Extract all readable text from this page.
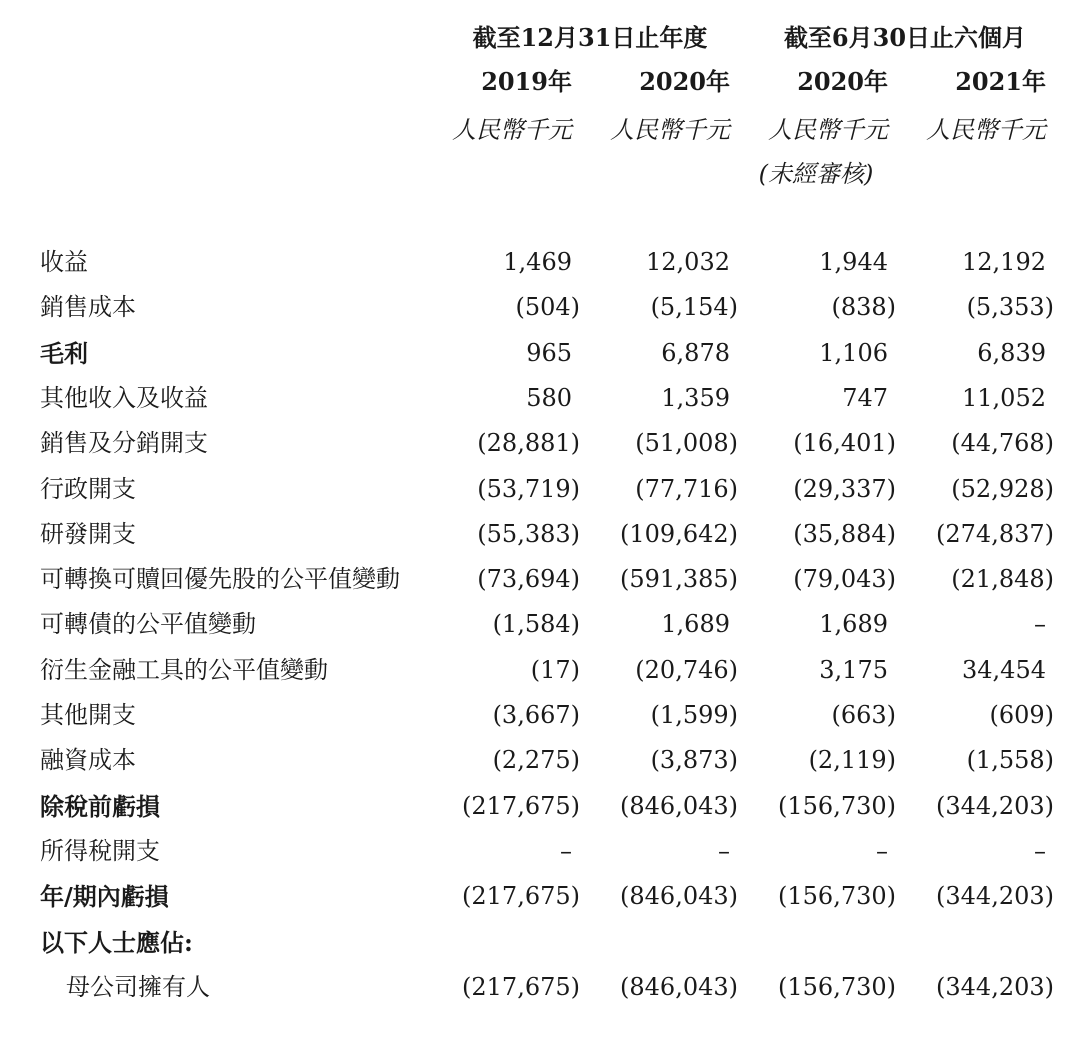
截至12月31日止年度	截至6月30日止六個月
2019年	2020年	2020年	2021年
人民幣千元	人民幣千元	人民幣千元	人民幣千元
(未經審核)
收益	1,469	12,032	1,944	12,192
銷售成本	(504)	(5,154)	(838)	(5,353)
毛利	965	6,878	1,106	6,839
其他收入及收益	580	1,359	747	11,052
銷售及分銷開支	(28,881)	(51,008)	(16,401)	(44,768)
行政開支	(53,719)	(77,716)	(29,337)	(52,928)
研發開支	(55,383)	(109,642)	(35,884)	(274,837)
可轉換可贖回優先股的公平值變動	(73,694)	(591,385)	(79,043)	(21,848)
可轉債的公平值變動	(1,584)	1,689	1,689	–
衍生金融工具的公平值變動	(17)	(20,746)	3,175	34,454
其他開支	(3,667)	(1,599)	(663)	(609)
融資成本	(2,275)	(3,873)	(2,119)	(1,558)
除稅前虧損	(217,675)	(846,043)	(156,730)	(344,203)
所得稅開支	–	–	–	–
年/期內虧損	(217,675)	(846,043)	(156,730)	(344,203)
以下人士應佔:
母公司擁有人	(217,675)	(846,043)	(156,730)	(344,203)
